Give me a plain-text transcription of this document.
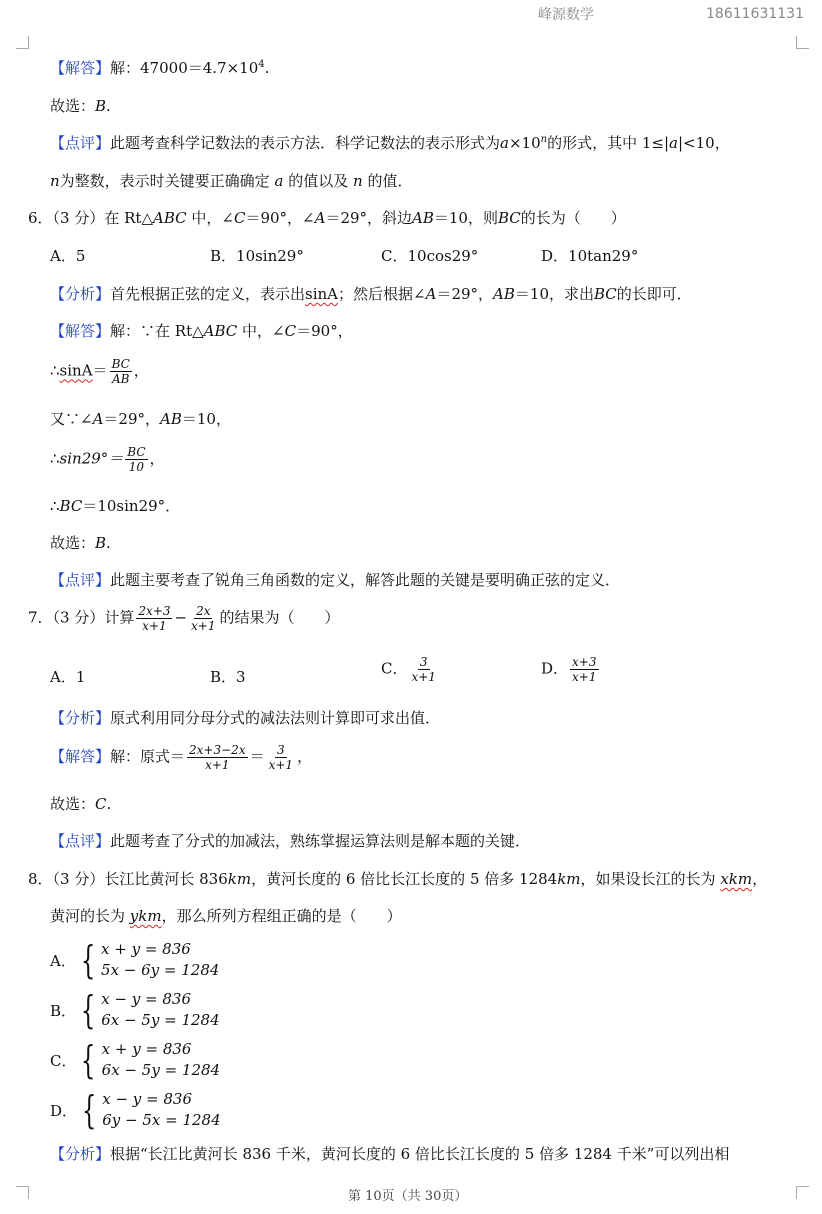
峰源数学	18611631131
【解答】解：$47000=4.7\times 10^4$.
故选：B.
【点评】此题考查科学记数法的表示方法．科学记数法的表示形式为$a\times 10^n$的形式，其中 1≤|a|<10，
n为整数，表示时关键要正确确定 a 的值以及 n 的值．
6．（3 分）在 Rt△ABC 中，∠C＝90°，∠A＝29°，斜边AB＝10，则BC的长为（　　）
A．5	B．10sin29°	C．10cos29°	D．10tan29°
【分析】首先根据正弦的定义，表示出sinA；然后根据∠A＝29°，AB＝10，求出BC的长即可．
【解答】解：∵在 Rt△ABC 中，∠C＝90°，
∴sinA＝ $\frac{BC}{AB}$ ，
又∵∠A＝29°，AB＝10，
∴sin29°＝ $\frac{BC}{10}$ ，
∴BC＝10sin29°．
故选：B.
【点评】此题主要考查了锐角三角函数的定义，解答此题的关键是要明确正弦的定义．
7．（3 分）计算 $\frac{2x+3}{x+1} - \frac{2x}{x+1}$ 的结果为（　　）
A．1	B．3	C． $\frac{3}{x+1}$	D． $\frac{x+3}{x+1}$
【分析】原式利用同分母分式的减法法则计算即可求出值．
【解答】解：原式＝ $\frac{2x+3-2x}{x+1} = \frac{3}{x+1}$ ，
故选：C.
【点评】此题考查了分式的加减法，熟练掌握运算法则是解本题的关键．
8．（3 分）长江比黄河长 836km，黄河长度的 6 倍比长江长度的 5 倍多 1284km，如果设长江的长为 xkm，
黄河的长为 ykm，那么所列方程组正确的是（　　）
A． { x + y = 836
5x − 6y = 1284
B． { x − y = 836
6x − 5y = 1284
C． { x + y = 836
6x − 5y = 1284
D． { x − y = 836
6y − 5x = 1284
【分析】根据“长江比黄河长 836 千米，黄河长度的 6 倍比长江长度的 5 倍多 1284 千米”可以列出相
第 10页（共 30页）
